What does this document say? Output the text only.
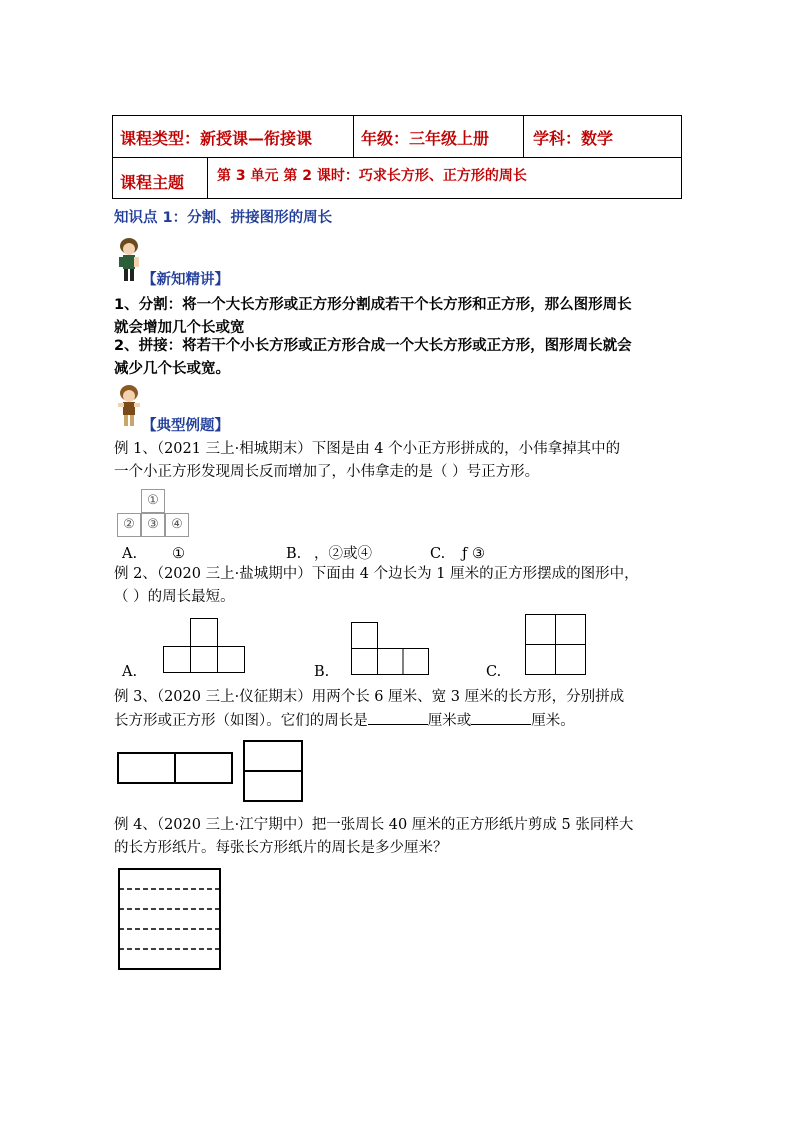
课程类型：新授课—衔接课	年级：三年级上册	学科：数学
课程主题 第 3 单元 第 2 课时：巧求长方形、正方形的周长
知识点 1：分割、拼接图形的周长
【新知精讲】
1、分割：将一个大长方形或正方形分割成若干个长方形和正方形，那么图形周长
就会增加几个长或宽
2、拼接：将若干个小长方形或正方形合成一个大长方形或正方形，图形周长就会
减少几个长或宽。
【典型例题】
例 1、（2021 三上·相城期末）下图是由 4 个小正方形拼成的，小伟拿掉其中的
一个小正方形发现周长反而增加了，小伟拿走的是（ ）号正方形。
①
② ③ ④
A. ①	B. ，②或④	C. ƒ ③
例 2、（2020 三上·盐城期中）下面由 4 个边长为 1 厘米的正方形摆成的图形中，
（ ）的周长最短。
A.	B.	C.
例 3、（2020 三上·仪征期末）用两个长 6 厘米、宽 3 厘米的长方形，分别拼成
长方形或正方形（如图）。它们的周长是	厘米或	厘米。
例 4、（2020 三上·江宁期中）把一张周长 40 厘米的正方形纸片剪成 5 张同样大
的长方形纸片。每张长方形纸片的周长是多少厘米？
